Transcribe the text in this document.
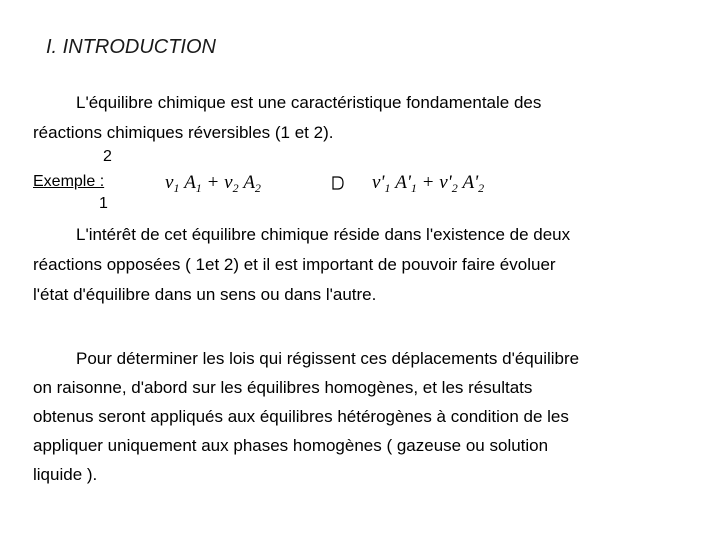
I. INTRODUCTION
L'équilibre chimique est une caractéristique fondamentale des
réactions chimiques réversibles (1 et 2).
2
Exemple :
1
$\nu_1$ $A_1 + \nu_2$ $A_2$	$\nu'_1$ $A'_1 + \nu'_2$ $A'_2$
L'intérêt de cet équilibre chimique réside dans l'existence de deux
réactions opposées ( 1et 2) et il est important de pouvoir faire évoluer
l'état d'équilibre dans un sens ou dans l'autre.
Pour déterminer les lois qui régissent ces déplacements d'équilibre
on raisonne, d'abord sur les équilibres homogènes, et les résultats
obtenus seront appliqués aux équilibres hétérogènes à condition de les
appliquer uniquement aux phases homogènes ( gazeuse ou solution
liquide ).
